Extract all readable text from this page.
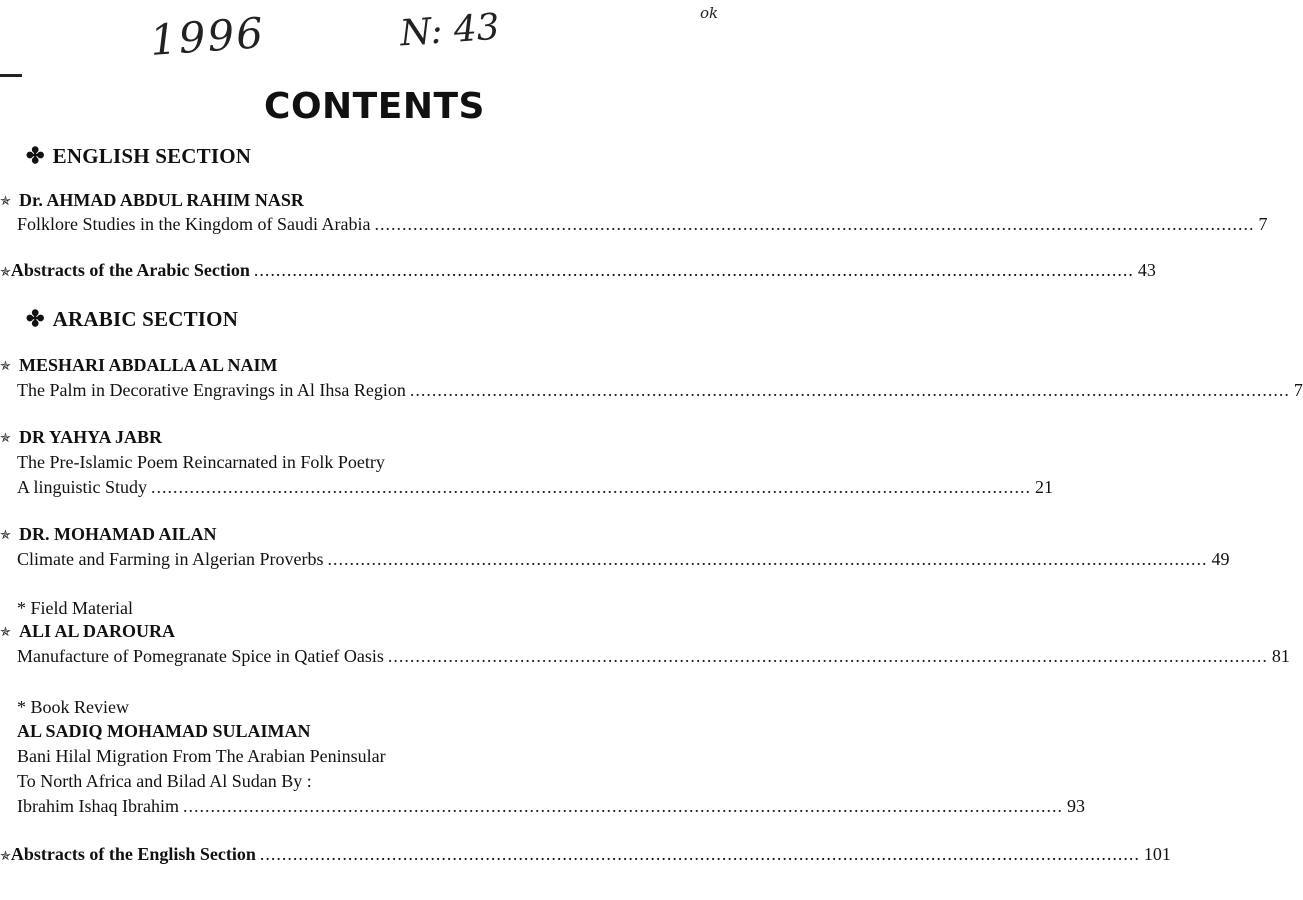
1996	N: 43	ok
CONTENTS
✤ ENGLISH SECTION
✯ Dr. AHMAD ABDUL RAHIM NASR
Folklore Studies in the Kingdom of Saudi Arabia ................................................................................................................................................................ 7
✯ Abstracts of the Arabic Section ................................................................................................................................................................ 43
✤ ARABIC SECTION
✯ MESHARI ABDALLA AL NAIM
The Palm in Decorative Engravings in Al Ihsa Region ................................................................................................................................................................ 7
✯ DR YAHYA JABR
The Pre-Islamic Poem Reincarnated in Folk Poetry
A linguistic Study ................................................................................................................................................................ 21
✯ DR. MOHAMAD AILAN
Climate and Farming in Algerian Proverbs ................................................................................................................................................................ 49
* Field Material
✯ ALI AL DAROURA
Manufacture of Pomegranate Spice in Qatief Oasis ................................................................................................................................................................ 81
* Book Review
AL SADIQ MOHAMAD SULAIMAN
Bani Hilal Migration From The Arabian Peninsular
To North Africa and Bilad Al Sudan By :
Ibrahim Ishaq Ibrahim ................................................................................................................................................................ 93
✯ Abstracts of the English Section ................................................................................................................................................................ 101
